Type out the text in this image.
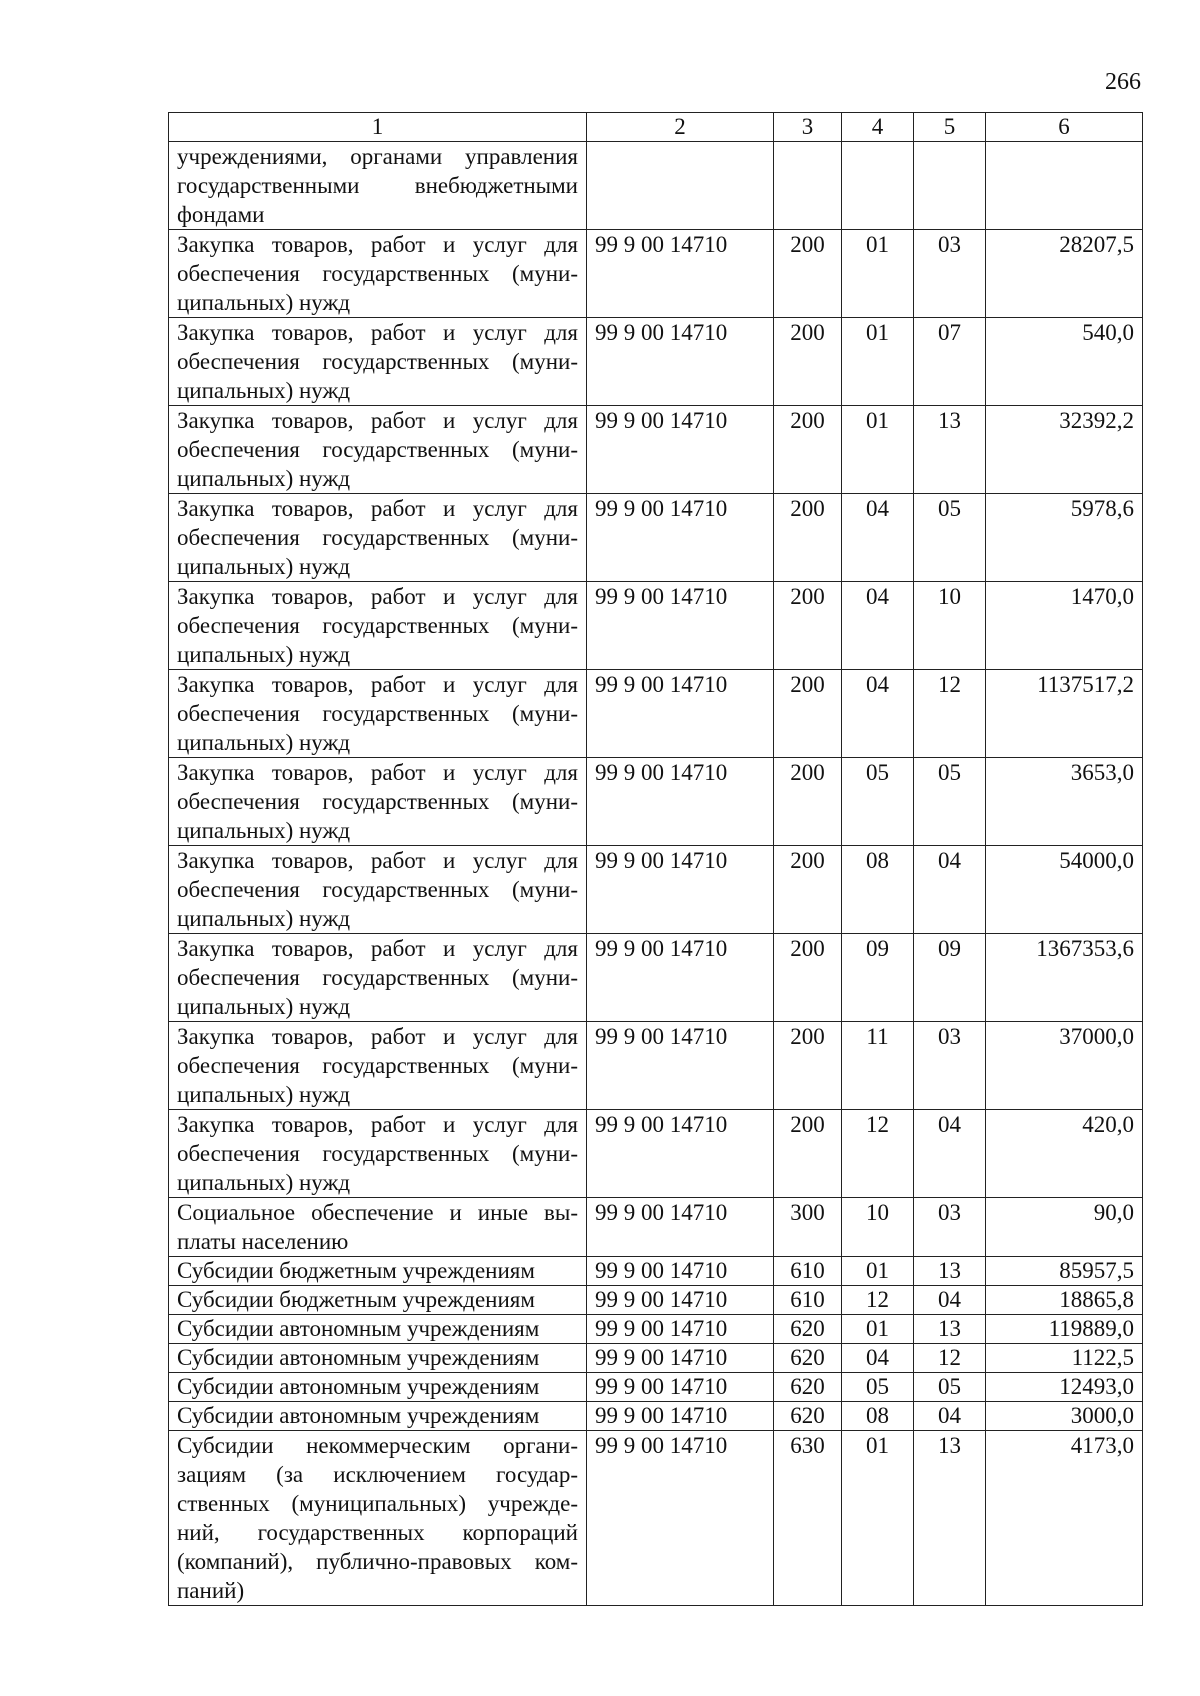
266
1	2	3	4	5	6
учреждениями, органами управления государственными внебюджетными фондами					
Закупка товаров, работ и услуг для обеспечения государственных (муни-ципальных) нужд	99 9 00 14710	200	01	03	28207,5
Закупка товаров, работ и услуг для обеспечения государственных (муни-ципальных) нужд	99 9 00 14710	200	01	07	540,0
Закупка товаров, работ и услуг для обеспечения государственных (муни-ципальных) нужд	99 9 00 14710	200	01	13	32392,2
Закупка товаров, работ и услуг для обеспечения государственных (муни-ципальных) нужд	99 9 00 14710	200	04	05	5978,6
Закупка товаров, работ и услуг для обеспечения государственных (муни-ципальных) нужд	99 9 00 14710	200	04	10	1470,0
Закупка товаров, работ и услуг для обеспечения государственных (муни-ципальных) нужд	99 9 00 14710	200	04	12	1137517,2
Закупка товаров, работ и услуг для обеспечения государственных (муни-ципальных) нужд	99 9 00 14710	200	05	05	3653,0
Закупка товаров, работ и услуг для обеспечения государственных (муни-ципальных) нужд	99 9 00 14710	200	08	04	54000,0
Закупка товаров, работ и услуг для обеспечения государственных (муни-ципальных) нужд	99 9 00 14710	200	09	09	1367353,6
Закупка товаров, работ и услуг для обеспечения государственных (муни-ципальных) нужд	99 9 00 14710	200	11	03	37000,0
Закупка товаров, работ и услуг для обеспечения государственных (муни-ципальных) нужд	99 9 00 14710	200	12	04	420,0
Социальное обеспечение и иные вы-платы населению	99 9 00 14710	300	10	03	90,0
Субсидии бюджетным учреждениям	99 9 00 14710	610	01	13	85957,5
Субсидии бюджетным учреждениям	99 9 00 14710	610	12	04	18865,8
Субсидии автономным учреждениям	99 9 00 14710	620	01	13	119889,0
Субсидии автономным учреждениям	99 9 00 14710	620	04	12	1122,5
Субсидии автономным учреждениям	99 9 00 14710	620	05	05	12493,0
Субсидии автономным учреждениям	99 9 00 14710	620	08	04	3000,0
Субсидии некоммерческим органи-зациям (за исключением государ-ственных (муниципальных) учрежде-ний, государственных корпораций (компаний), публично-правовых ком-паний)	99 9 00 14710	630	01	13	4173,0
